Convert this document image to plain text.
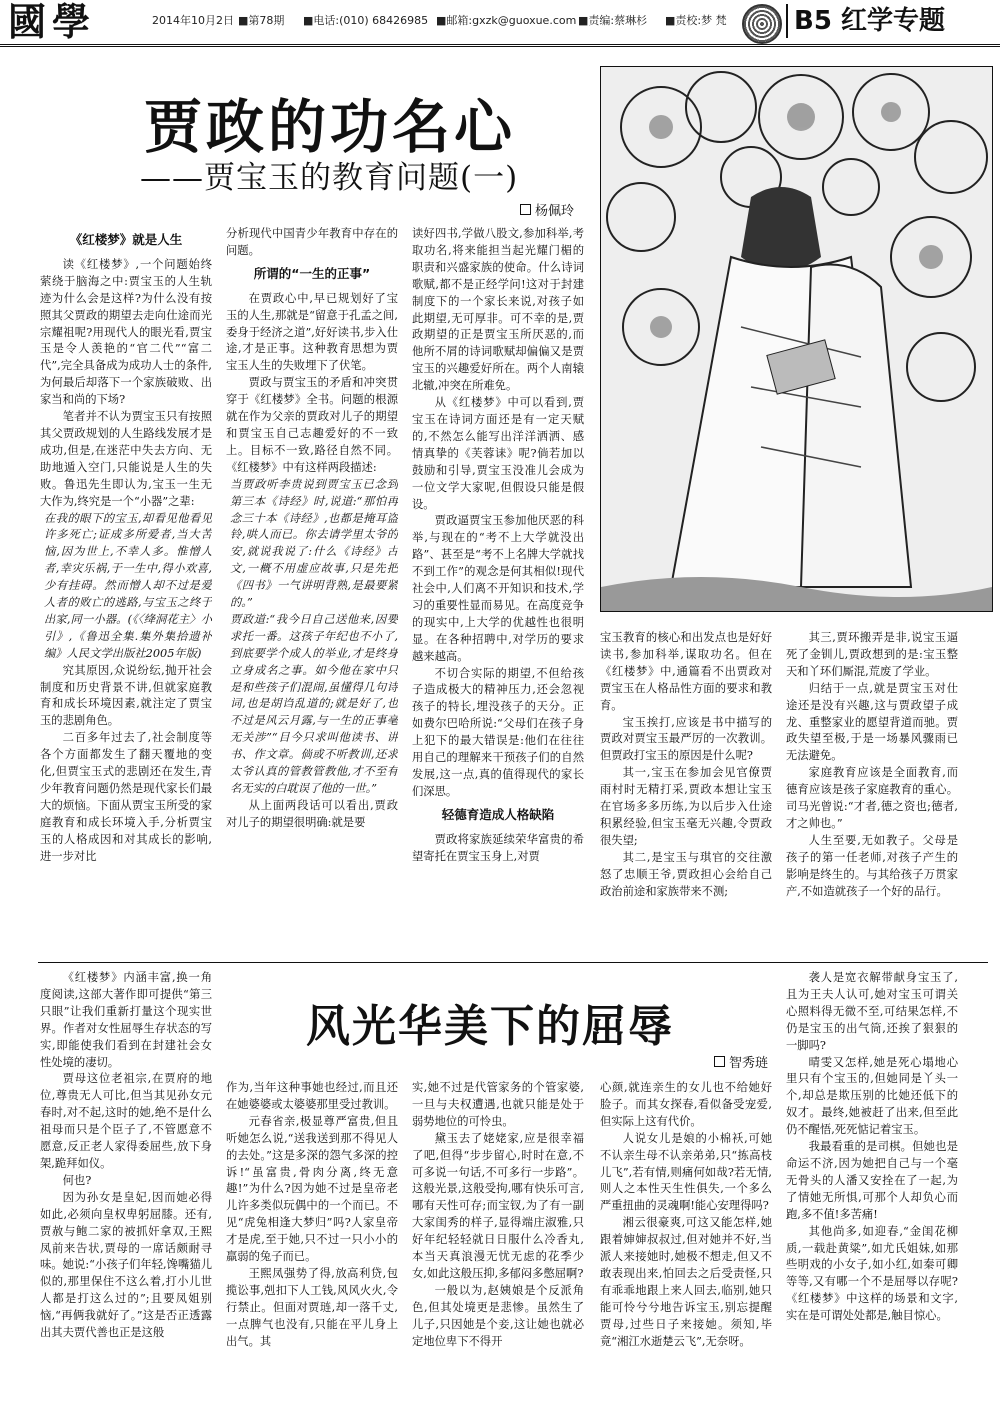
國學	2014年10月2日 ■第78期 ■电话:(010) 68426985 ■邮箱:gxzk@guoxue.com ■责编:蔡琳杉 ■责校:梦 梵	B5 红学专题
贾政的功名心
——贾宝玉的教育问题(一)
杨佩玲
《红楼梦》就是人生

读《红楼梦》,一个问题始终萦绕于脑海之中:贾宝玉的人生轨迹为什么会是这样?为什么没有按照其父贾政的期望去走向仕途而光宗耀祖呢?用现代人的眼光看,贾宝玉是令人羡艳的“官二代”“富二代”,完全具备成为成功人士的条件,为何最后却落下一个家族破败、出家当和尚的下场?

笔者并不认为贾宝玉只有按照其父贾政规划的人生路线发展才是成功,但是,在迷茫中失去方向、无助地遁入空门,只能说是人生的失败。鲁迅先生即认为,宝玉一生无大作为,终究是一个“小器”之辈:

在我的眼下的宝玉,却看见他看见许多死亡;证成多所爱者,当大苦恼,因为世上,不幸人多。惟憎人者,幸灾乐祸,于一生中,得小欢喜,少有挂碍。然而憎人却不过是爱人者的败亡的逃路,与宝玉之终于出家,同一小器。(《〈绛洞花主〉小引》,《鲁迅全集.集外集拾遗补编》人民文学出版社2005年版)

究其原因,众说纷纭,抛开社会制度和历史背景不讲,但就家庭教育和成长环境因素,就注定了贾宝玉的悲剧角色。

二百多年过去了,社会制度等各个方面都发生了翻天覆地的变化,但贾宝玉式的悲剧还在发生,青少年教育问题仍然是现代家长们最大的烦恼。下面从贾宝玉所受的家庭教育和成长环境入手,分析贾宝玉的人格成因和对其成长的影响,进一步对比

分析现代中国青少年教育中存在的问题。

所谓的“一生的正事”

在贾政心中,早已规划好了宝玉的人生,那就是“留意于孔孟之间,委身于经济之道”,好好读书,步入仕途,才是正事。这种教育思想为贾宝玉人生的失败埋下了伏笔。

贾政与贾宝玉的矛盾和冲突贯穿于《红楼梦》全书。问题的根源就在作为父亲的贾政对儿子的期望和贾宝玉自己志趣爱好的不一致上。目标不一致,路径自然不同。《红楼梦》中有这样两段描述:

当贾政听李贵说到贾宝玉已念到第三本《诗经》时,说道:“那怕再念三十本《诗经》,也都是掩耳盗铃,哄人而已。你去请学里太爷的安,就说我说了:什么《诗经》古文,一概不用虚应故事,只是先把《四书》一气讲明背熟,是最要紧的。”

贾政道:“我今日自己送他来,因要求托一番。这孩子年纪也不小了,到底要学个成人的举业,才是终身立身成名之事。如今他在家中只是和些孩子们混闹,虽懂得几句诗词,也是胡诌乱道的;就是好了,也不过是风云月露,与一生的正事毫无关涉”“目今只求叫他读书、讲书、作文章。倘或不听教训,还求太爷认真的管教管教他,才不至有名无实的白耽误了他的一世。”

从上面两段话可以看出,贾政对儿子的期望很明确:就是要

读好四书,学做八股文,参加科举,考取功名,将来能担当起光耀门楣的职责和兴盛家族的使命。什么诗词歌赋,都不是正经学问!这对于封建制度下的一个家长来说,对孩子如此期望,无可厚非。可不幸的是,贾政期望的正是贾宝玉所厌恶的,而他所不屑的诗词歌赋却偏偏又是贾宝玉的兴趣爱好所在。两个人南辕北辙,冲突在所难免。

从《红楼梦》中可以看到,贾宝玉在诗词方面还是有一定天赋的,不然怎么能写出洋洋洒洒、感情真挚的《芙蓉诔》呢?倘若加以鼓励和引导,贾宝玉没准儿会成为一位文学大家呢,但假设只能是假设。

贾政逼贾宝玉参加他厌恶的科举,与现在的“考不上大学就没出路”、甚至是“考不上名牌大学就找不到工作”的观念是何其相似!现代社会中,人们离不开知识和技术,学习的重要性显而易见。在高度竞争的现实中,上大学的优越性也很明显。在各种招聘中,对学历的要求越来越高。

不切合实际的期望,不但给孩子造成极大的精神压力,还会忽视孩子的特长,埋没孩子的天分。正如费尔巴哈所说:“父母们在孩子身上犯下的最大错误是:他们在往往用自己的理解来干预孩子们的自然发展,这一点,真的值得现代的家长们深思。

轻德育造成人格缺陷

贾政将家族延续荣华富贵的希望寄托在贾宝玉身上,对贾

宝玉教育的核心和出发点也是好好读书,参加科举,谋取功名。但在《红楼梦》中,通篇看不出贾政对贾宝玉在人格品性方面的要求和教育。

宝玉挨打,应该是书中描写的贾政对贾宝玉最严厉的一次教训。但贾政打宝玉的原因是什么呢?

其一,宝玉在参加会见官僚贾雨村时无精打采,贾政本想让宝玉在官场多多历练,为以后步入仕途积累经验,但宝玉毫无兴趣,令贾政很失望;

其二,是宝玉与琪官的交往激怒了忠顺王爷,贾政担心会给自己政治前途和家族带来不测;

其三,贾环搬弄是非,说宝玉逼死了金钏儿,贾政想到的是:宝玉整天和丫环们厮混,荒废了学业。

归结于一点,就是贾宝玉对仕途还是没有兴趣,这与贾政望子成龙、重整家业的愿望背道而驰。贾政失望至极,于是一场暴风骤雨已无法避免。

家庭教育应该是全面教育,而德育应该是孩子家庭教育的重心。司马光曾说:“才者,德之资也;德者,才之帅也。”

人生至要,无如教子。父母是孩子的第一任老师,对孩子产生的影响是终生的。与其给孩子万贯家产,不如造就孩子一个好的品行。

风光华美下的屈辱
智秀琏

《红楼梦》内涵丰富,换一角度阅读,这部大著作即可提供“第三只眼”让我们重新打量这个现实世界。作者对女性屈辱生存状态的写实,即能使我们看到在封建社会女性处境的凄切。

贾母这位老祖宗,在贾府的地位,尊贵无人可比,但当其见孙女元春时,对不起,这时的她,绝不是什么祖母而只是个臣子了,不管愿意不愿意,反正老人家得委屈些,放下身架,跪拜如仪。

何也?

因为孙女是皇妃,因而她必得如此,必须向皇权卑躬屈膝。还有,贾赦与鲍二家的被抓奸拿双,王熙凤前来告状,贾母的一席话颇耐寻味。她说:“小孩子们年轻,馋嘴猫儿似的,那里保住不这么着,打小儿世人都是打这么过的”;且要凤姐别恼,“再俩我就好了。”这是否正透露出其夫贾代善也正是这般

作为,当年这种事她也经过,而且还在她婆婆或太婆婆那里受过教训。

元春省亲,极显尊严富贵,但且听她怎么说,“送我送到那不得见人的去处。”这是多深的怨气多深的控诉!“虽富贵,骨肉分离,终无意趣!”为什么?因为她不过是皇帝老儿许多类似玩偶中的一个而已。不见“虎兔相逢大梦归”吗?人家皇帝才是虎,至于她,只不过一只小小的羸弱的兔子而已。

王熙凤强势了得,放高利贷,包揽讼事,剋扣下人工钱,风风火火,令行禁止。但面对贾琏,却一落千丈,一点脾气也没有,只能在平儿身上出气。其

实,她不过是代管家务的个管家婆,一旦与夫权遭遇,也就只能是处于弱势地位的可怜虫。

黛玉去了姥姥家,应是很幸福了吧,但得“步步留心,时时在意,不可多说一句话,不可多行一步路”。这般光景,这般受拘,哪有快乐可言,哪有天性可存;而宝钗,为了有一副大家闺秀的样子,显得端庄淑雅,只好年纪轻轻就日日服什么冷香丸,本当天真浪漫无忧无虑的花季少女,如此这般压抑,多郁闷多憋屈啊?

一般以为,赵姨娘是个反派角色,但其处境更是悲惨。虽然生了儿子,只因她是个妾,这让她也就必定地位卑下不得开

心颜,就连亲生的女儿也不给她好脸子。而其女探春,看似备受宠爱,但实际上这有代价。

人说女儿是娘的小棉袄,可她不认亲生母不认亲弟弟,只“拣高枝儿飞”,若有情,则痛何如哉?若无情,则人之本性天生性俱失,一个多么严重扭曲的灵魂啊!能心安理得吗?

湘云很豪爽,可这又能怎样,她跟着婶婶叔叔过,但对她并不好,当派人来接她时,她极不想走,但又不敢表现出来,怕回去之后受责怪,只有乖乖地跟上来人回去,临别,她只能可怜兮兮地告诉宝玉,别忘提醒贾母,过些日子来接她。须知,毕竟“湘江水逝楚云飞”,无奈呀。

袭人是宽衣解带献身宝玉了,且为王夫人认可,她对宝玉可谓关心照料得无微不至,可结果怎样,不仍是宝玉的出气筒,还挨了狠狠的一脚吗?

晴雯又怎样,她是死心塌地心里只有个宝玉的,但她同是丫头一个,却总是欺压别的比她还低下的奴才。最终,她被赶了出来,但至此仍不醒悟,死死惦记着宝玉。

我最看重的是司棋。但她也是命运不济,因为她把自己与一个毫无骨头的人潘又安拴在了一起,为了情她无所惧,可那个人却负心而跑,多不值!多苦痛!

其他尚多,如迎春,“金闺花柳质,一载赴黄粱”,如尤氏姐妹,如那些明戏的小女子,如小红,如秦可卿等等,又有哪一个不是屈辱以存呢?《红楼梦》中这样的场景和文字,实在是可谓处处都是,触目惊心。
